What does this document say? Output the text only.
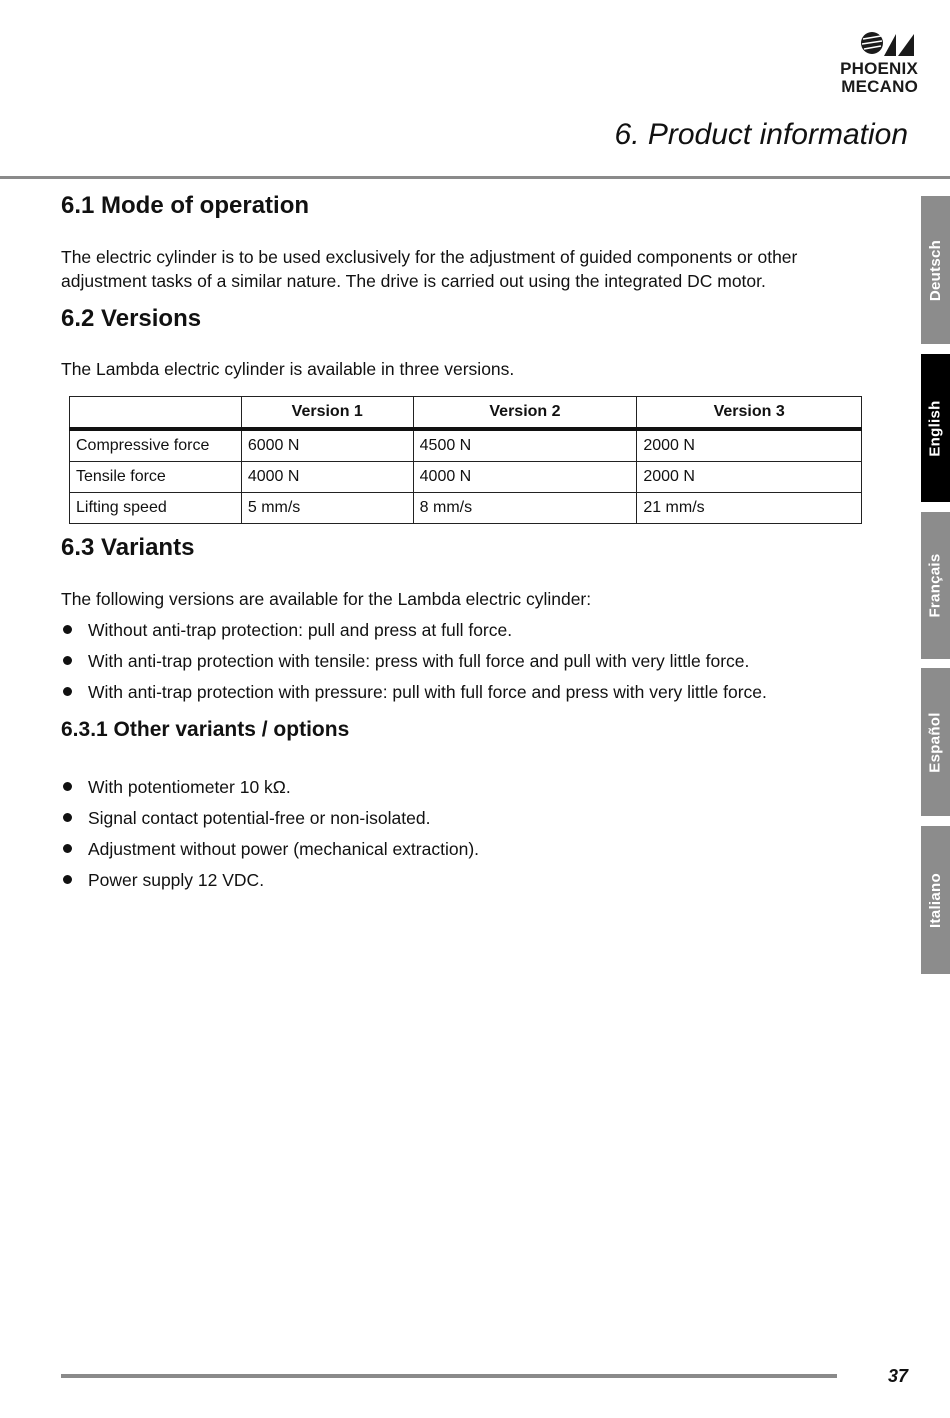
PHOENIX
MECANO
6. Product information
6.1 Mode of operation

The electric cylinder is to be used exclusively for the adjustment of guided components or other

adjustment tasks of a similar nature. The drive is carried out using the integrated DC motor.

6.2 Versions

The Lambda electric cylinder is available in three versions.

	Version 1	Version 2	Version 3
Compressive force	6000 N	4500 N	2000 N
Tensile force	4000 N	4000 N	2000 N
Lifting speed	5 mm/s	8 mm/s	21 mm/s
6.3 Variants

The following versions are available for the Lambda electric cylinder:

Without anti-trap protection: pull and press at full force.
With anti-trap protection with tensile: press with full force and pull with very little force.
With anti-trap protection with pressure: pull with full force and press with very little force.
6.3.1 Other variants / options
With potentiometer 10 kΩ.
Signal contact potential-free or non-isolated.
Adjustment without power (mechanical extraction).
Power supply 12 VDC.
Deutsch
English
Français
Español
Italiano
37
